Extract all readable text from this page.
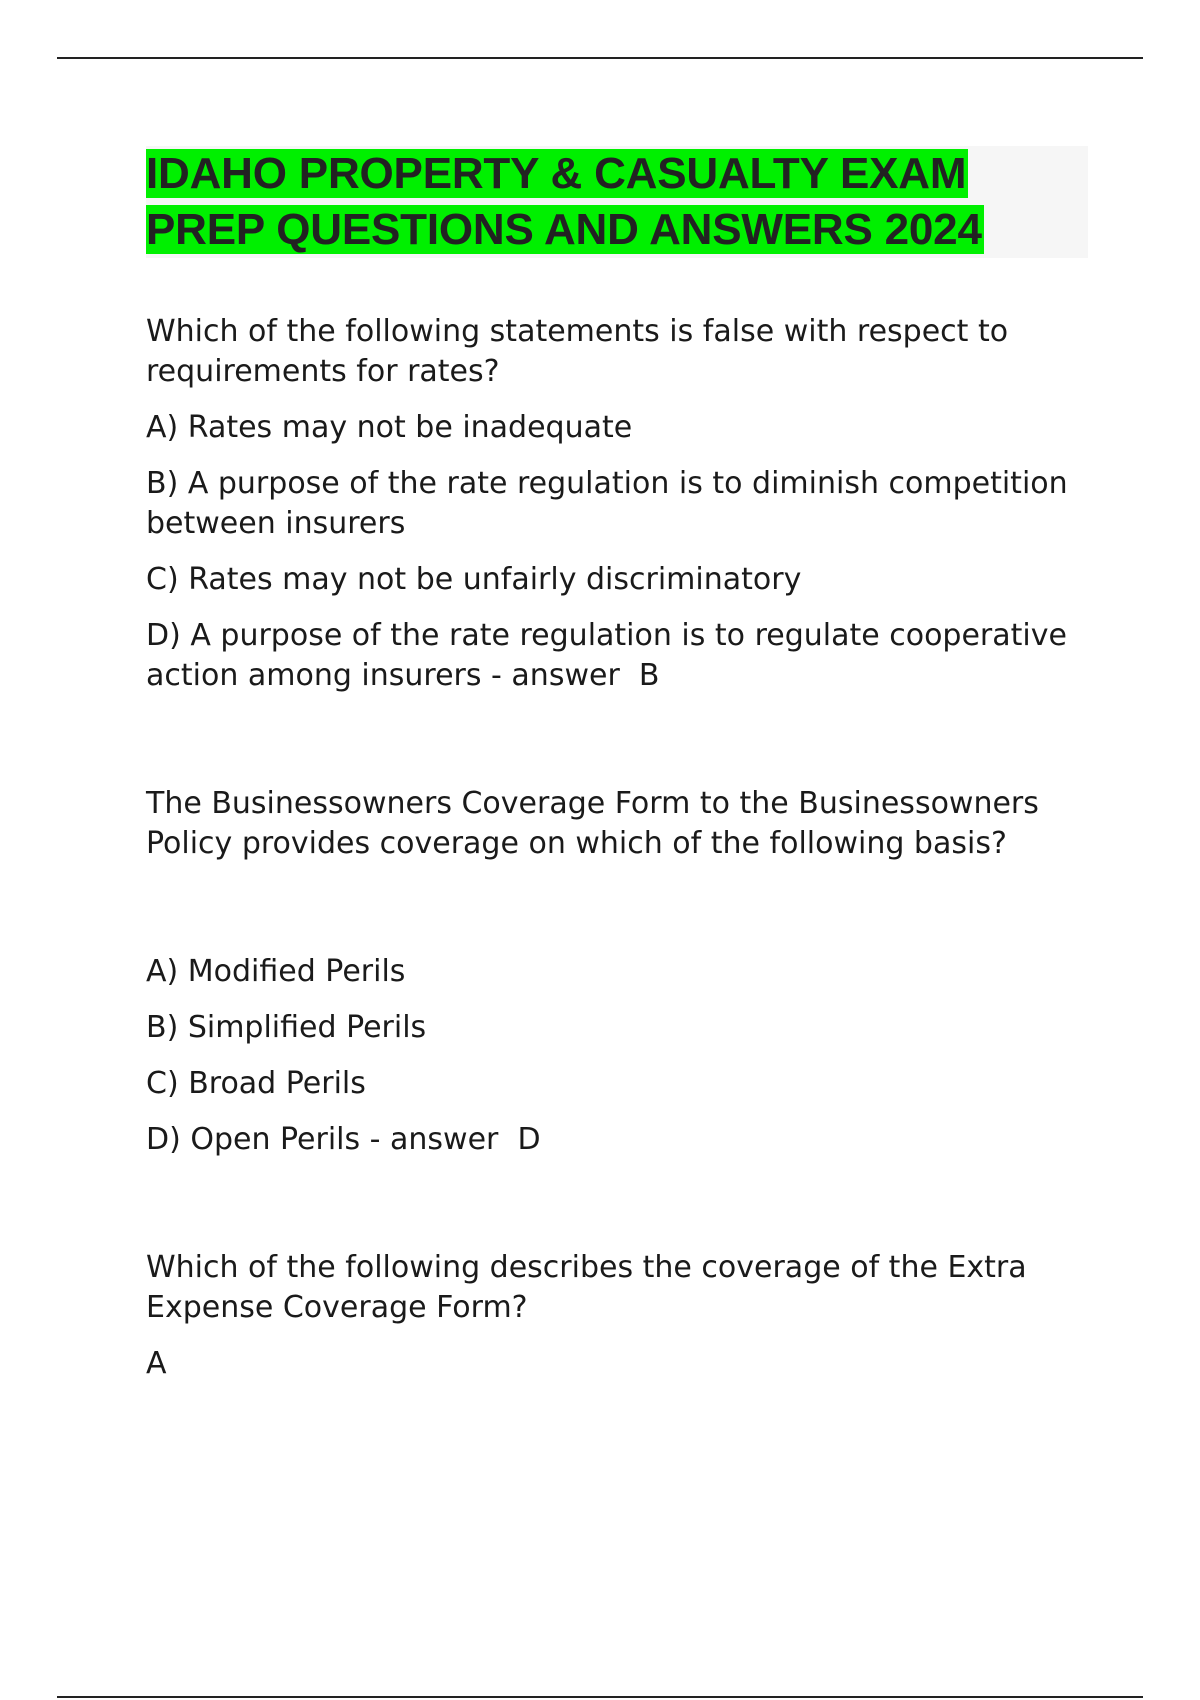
IDAHO PROPERTY & CASUALTY EXAM
PREP QUESTIONS AND ANSWERS 2024

Which of the following statements is false with respect to requirements for rates?

A) Rates may not be inadequate

B) A purpose of the rate regulation is to diminish competition between insurers

C) Rates may not be unfairly discriminatory

D) A purpose of the rate regulation is to regulate cooperative action among insurers - answer  B

The Businessowners Coverage Form to the Businessowners Policy provides coverage on which of the following basis?

A) Modified Perils

B) Simplified Perils

C) Broad Perils

D) Open Perils - answer  D

Which of the following describes the coverage of the Extra Expense Coverage Form?

A
